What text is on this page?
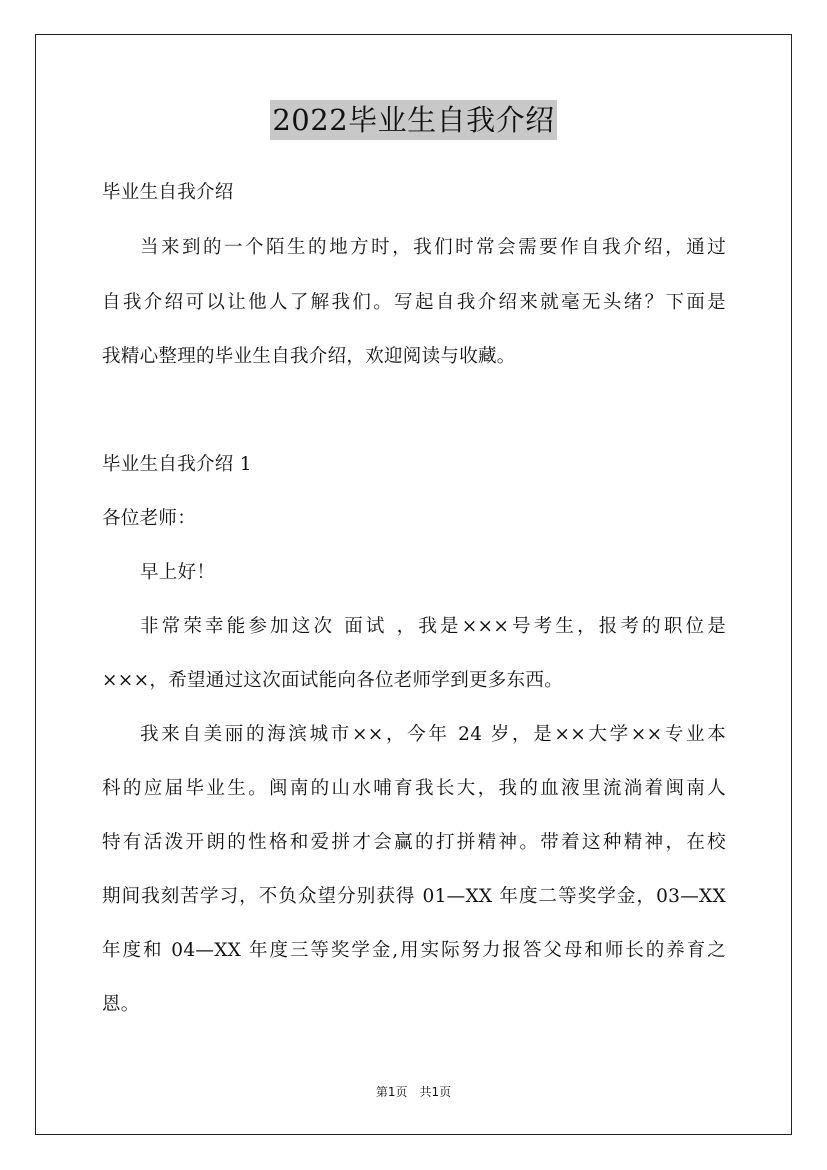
2022毕业生自我介绍
毕业生自我介绍
当来到的一个陌生的地方时，我们时常会需要作自我介绍，通过
自我介绍可以让他人了解我们。写起自我介绍来就毫无头绪？下面是
我精心整理的毕业生自我介绍，欢迎阅读与收藏。
毕业生自我介绍 1
各位老师：
早上好！
非常荣幸能参加这次 面试 ，我是×××号考生，报考的职位是
×××，希望通过这次面试能向各位老师学到更多东西。
我来自美丽的海滨城市××，今年 24 岁，是××大学××专业本
科的应届毕业生。闽南的山水哺育我长大，我的血液里流淌着闽南人
特有活泼开朗的性格和爱拼才会赢的打拼精神。带着这种精神，在校
期间我刻苦学习，不负众望分别获得 01—XX 年度二等奖学金，03—XX
年度和 04—XX 年度三等奖学金,用实际努力报答父母和师长的养育之
恩。
第1页　共1页
